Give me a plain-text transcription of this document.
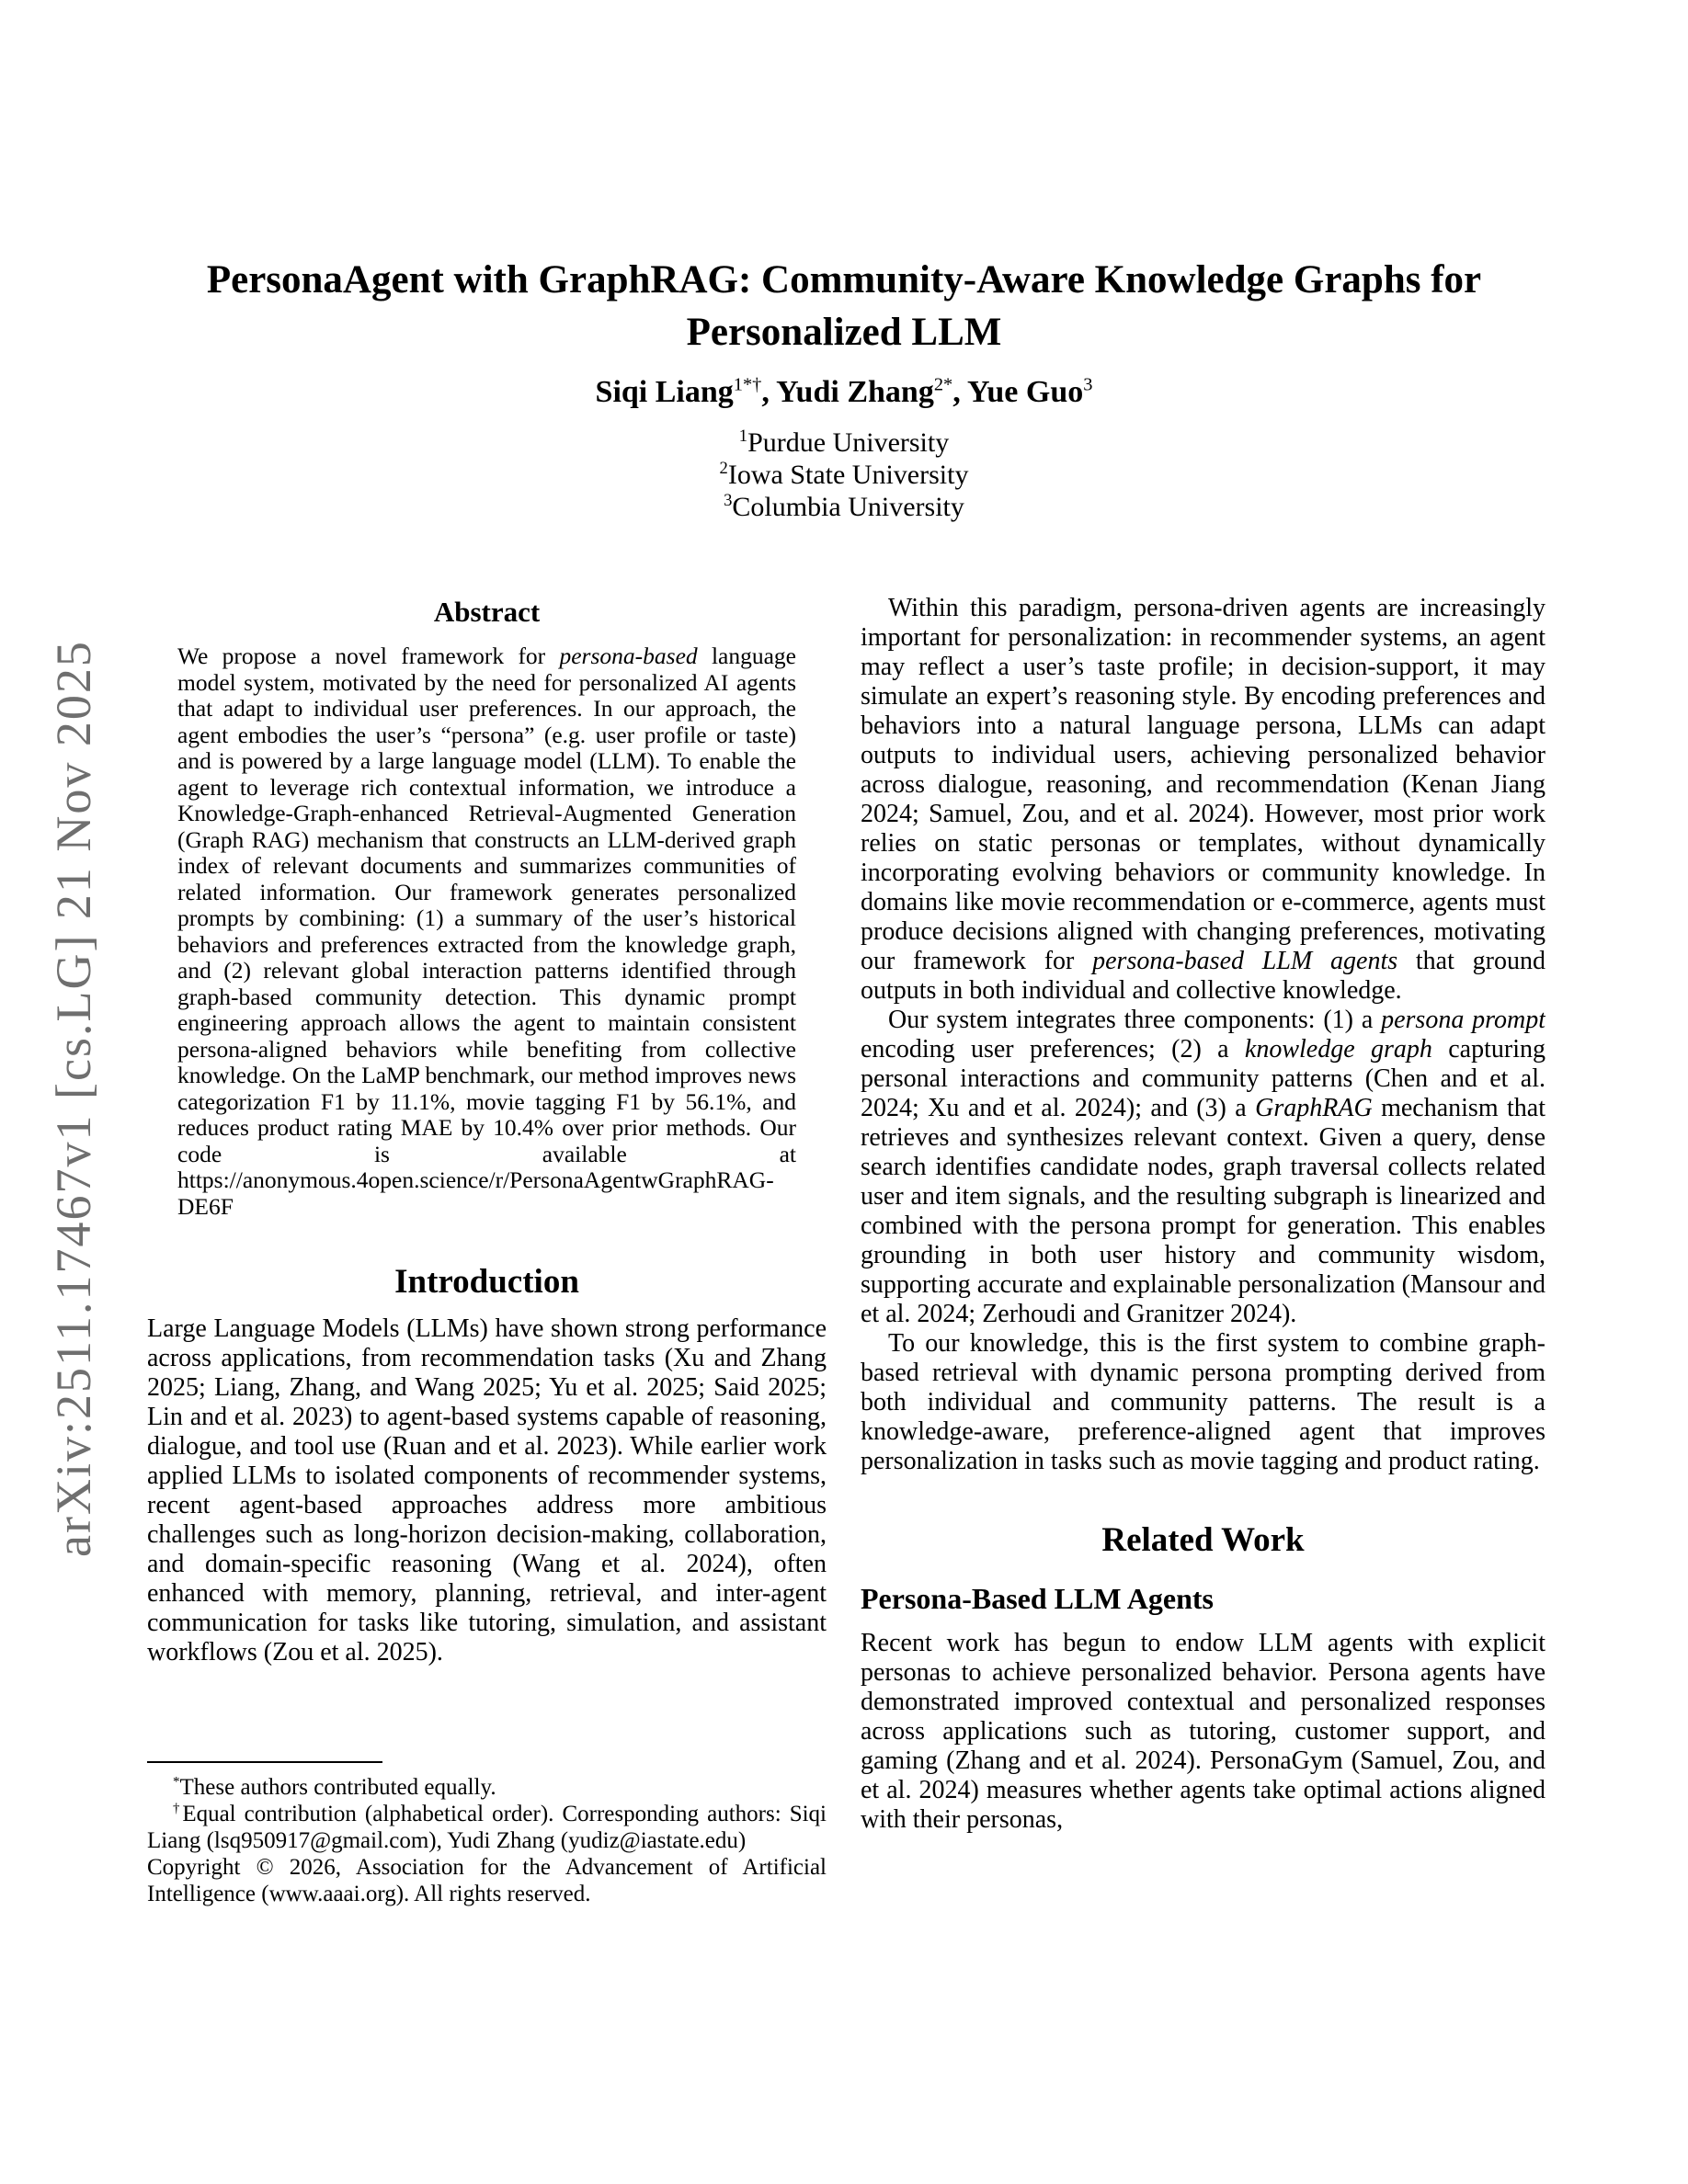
arXiv:2511.17467v1 [cs.LG] 21 Nov 2025
PersonaAgent with GraphRAG: Community-Aware Knowledge Graphs for Personalized LLM
Siqi Liang$^{1*\dagger}$, Yudi Zhang$^{2*}$, Yue Guo$^3$
$^1$Purdue University
$^2$Iowa State University
$^3$Columbia University
Abstract
We propose a novel framework for persona-based language model system, motivated by the need for personalized AI agents that adapt to individual user preferences. In our approach, the agent embodies the user’s “persona” (e.g. user profile or taste) and is powered by a large language model (LLM). To enable the agent to leverage rich contextual information, we introduce a Knowledge-Graph-enhanced Retrieval-Augmented Generation (Graph RAG) mechanism that constructs an LLM-derived graph index of relevant documents and summarizes communities of related information. Our framework generates personalized prompts by combining: (1) a summary of the user’s historical behaviors and preferences extracted from the knowledge graph, and (2) relevant global interaction patterns identified through graph-based community detection. This dynamic prompt engineering approach allows the agent to maintain consistent persona-aligned behaviors while benefiting from collective knowledge. On the LaMP benchmark, our method improves news categorization F1 by 11.1%, movie tagging F1 by 56.1%, and reduces product rating MAE by 10.4% over prior methods. Our code is available at https://anonymous.4open.science/r/PersonaAgentwGraphRAG-DE6F
Introduction
Large Language Models (LLMs) have shown strong performance across applications, from recommendation tasks (Xu and Zhang 2025; Liang, Zhang, and Wang 2025; Yu et al. 2025; Said 2025; Lin and et al. 2023) to agent-based systems capable of reasoning, dialogue, and tool use (Ruan and et al. 2023). While earlier work applied LLMs to isolated components of recommender systems, recent agent-based approaches address more ambitious challenges such as long-horizon decision-making, collaboration, and domain-specific reasoning (Wang et al. 2024), often enhanced with memory, planning, retrieval, and inter-agent communication for tasks like tutoring, simulation, and assistant workflows (Zou et al. 2025).

Within this paradigm, persona-driven agents are increasingly important for personalization: in recommender systems, an agent may reflect a user’s taste profile; in decision-support, it may simulate an expert’s reasoning style. By encoding preferences and behaviors into a natural language persona, LLMs can adapt outputs to individual users, achieving personalized behavior across dialogue, reasoning, and recommendation (Kenan Jiang 2024; Samuel, Zou, and et al. 2024). However, most prior work relies on static personas or templates, without dynamically incorporating evolving behaviors or community knowledge. In domains like movie recommendation or e-commerce, agents must produce decisions aligned with changing preferences, motivating our framework for persona-based LLM agents that ground outputs in both individual and collective knowledge.

Our system integrates three components: (1) a persona prompt encoding user preferences; (2) a knowledge graph capturing personal interactions and community patterns (Chen and et al. 2024; Xu and et al. 2024); and (3) a GraphRAG mechanism that retrieves and synthesizes relevant context. Given a query, dense search identifies candidate nodes, graph traversal collects related user and item signals, and the resulting subgraph is linearized and combined with the persona prompt for generation. This enables grounding in both user history and community wisdom, supporting accurate and explainable personalization (Mansour and et al. 2024; Zerhoudi and Granitzer 2024).

To our knowledge, this is the first system to combine graph-based retrieval with dynamic persona prompting derived from both individual and community patterns. The result is a knowledge-aware, preference-aligned agent that improves personalization in tasks such as movie tagging and product rating.

Related Work
Persona-Based LLM Agents

Recent work has begun to endow LLM agents with explicit personas to achieve personalized behavior. Persona agents have demonstrated improved contextual and personalized responses across applications such as tutoring, customer support, and gaming (Zhang and et al. 2024). PersonaGym (Samuel, Zou, and et al. 2024) measures whether agents take optimal actions aligned with their personas,

*These authors contributed equally.
†Equal contribution (alphabetical order). Corresponding authors: Siqi Liang (lsq950917@gmail.com), Yudi Zhang (yudiz@iastate.edu)
Copyright © 2026, Association for the Advancement of Artificial Intelligence (www.aaai.org). All rights reserved.
